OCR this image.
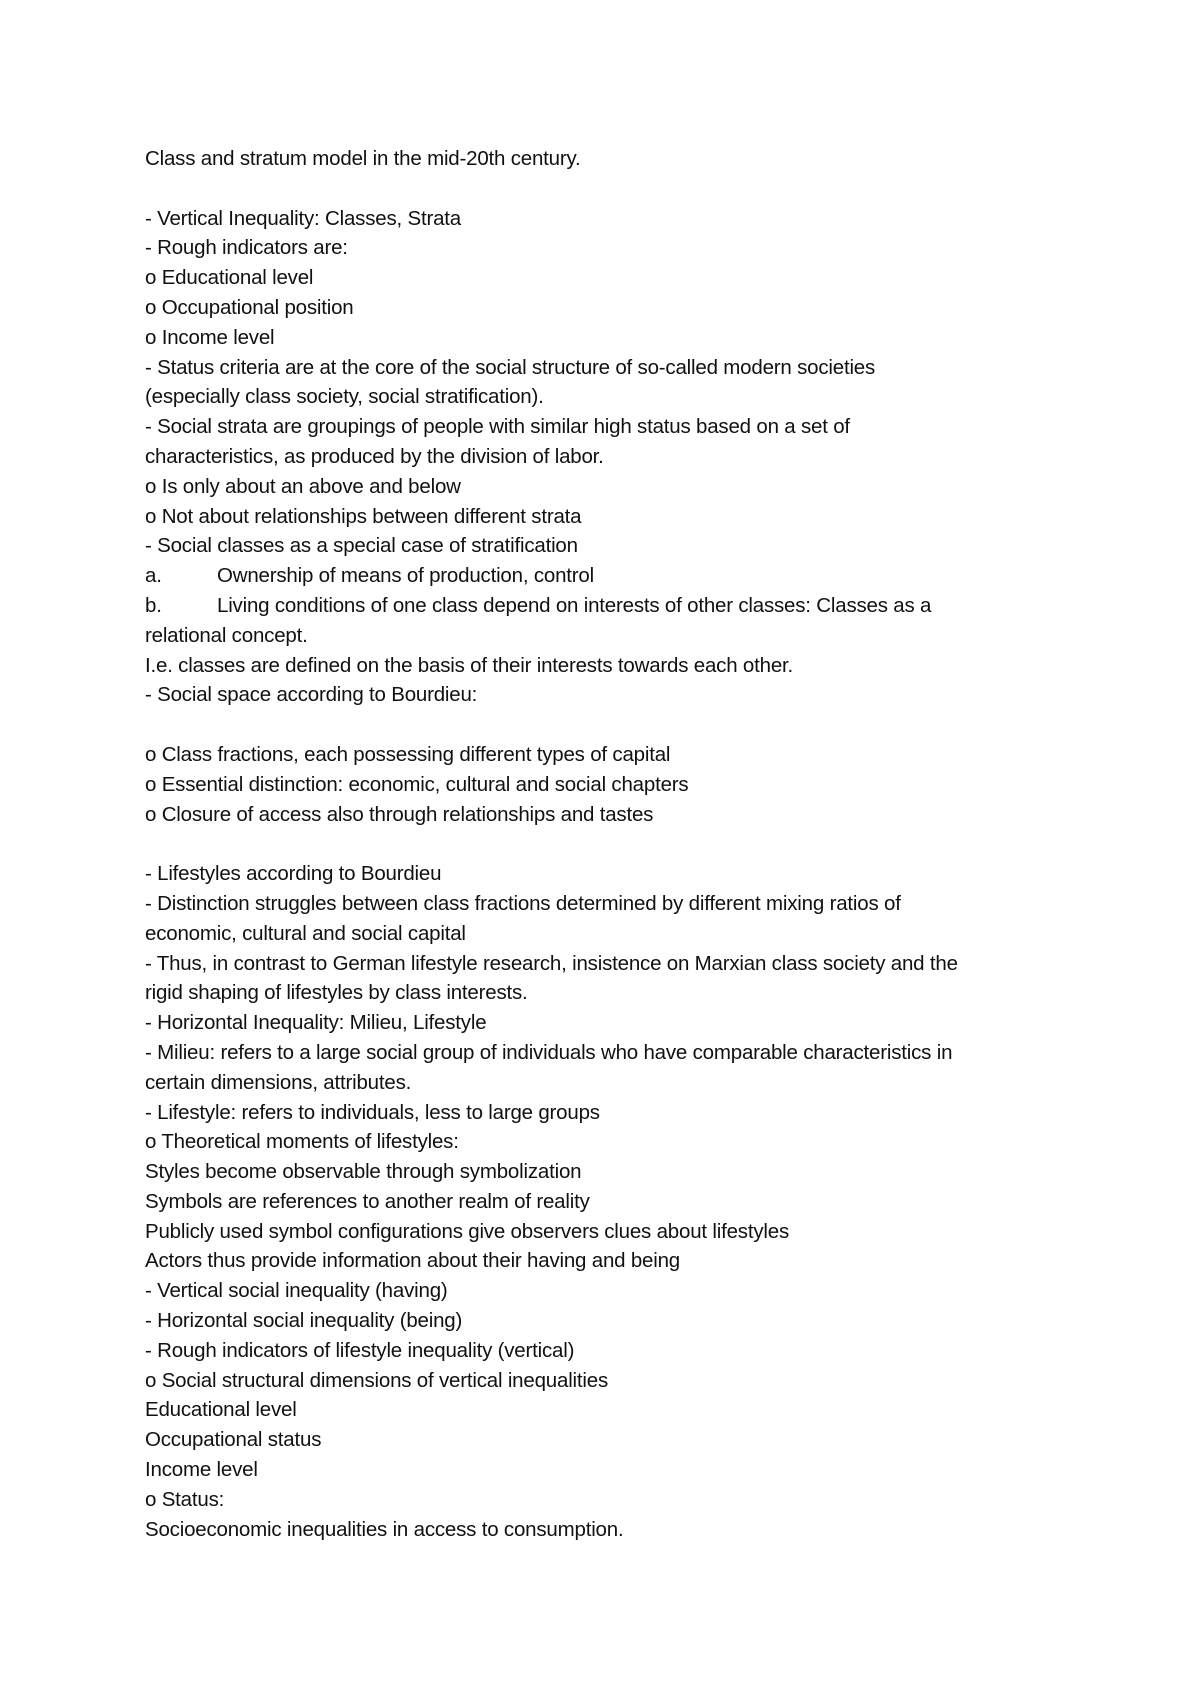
Class and stratum model in the mid-20th century.
- Vertical Inequality: Classes, Strata
- Rough indicators are:
o Educational level
o Occupational position
o Income level
- Status criteria are at the core of the social structure of so-called modern societies
(especially class society, social stratification).
- Social strata are groupings of people with similar high status based on a set of
characteristics, as produced by the division of labor.
o Is only about an above and below
o Not about relationships between different strata
- Social classes as a special case of stratification
a.	Ownership of means of production, control
b.	Living conditions of one class depend on interests of other classes: Classes as a
relational concept.
I.e. classes are defined on the basis of their interests towards each other.
- Social space according to Bourdieu:
o Class fractions, each possessing different types of capital
o Essential distinction: economic, cultural and social chapters
o Closure of access also through relationships and tastes
- Lifestyles according to Bourdieu
- Distinction struggles between class fractions determined by different mixing ratios of
economic, cultural and social capital
- Thus, in contrast to German lifestyle research, insistence on Marxian class society and the
rigid shaping of lifestyles by class interests.
- Horizontal Inequality: Milieu, Lifestyle
- Milieu: refers to a large social group of individuals who have comparable characteristics in
certain dimensions, attributes.
- Lifestyle: refers to individuals, less to large groups
o Theoretical moments of lifestyles:
Styles become observable through symbolization
Symbols are references to another realm of reality
Publicly used symbol configurations give observers clues about lifestyles
Actors thus provide information about their having and being
- Vertical social inequality (having)
- Horizontal social inequality (being)
- Rough indicators of lifestyle inequality (vertical)
o Social structural dimensions of vertical inequalities
Educational level
Occupational status
Income level
o Status:
Socioeconomic inequalities in access to consumption.
